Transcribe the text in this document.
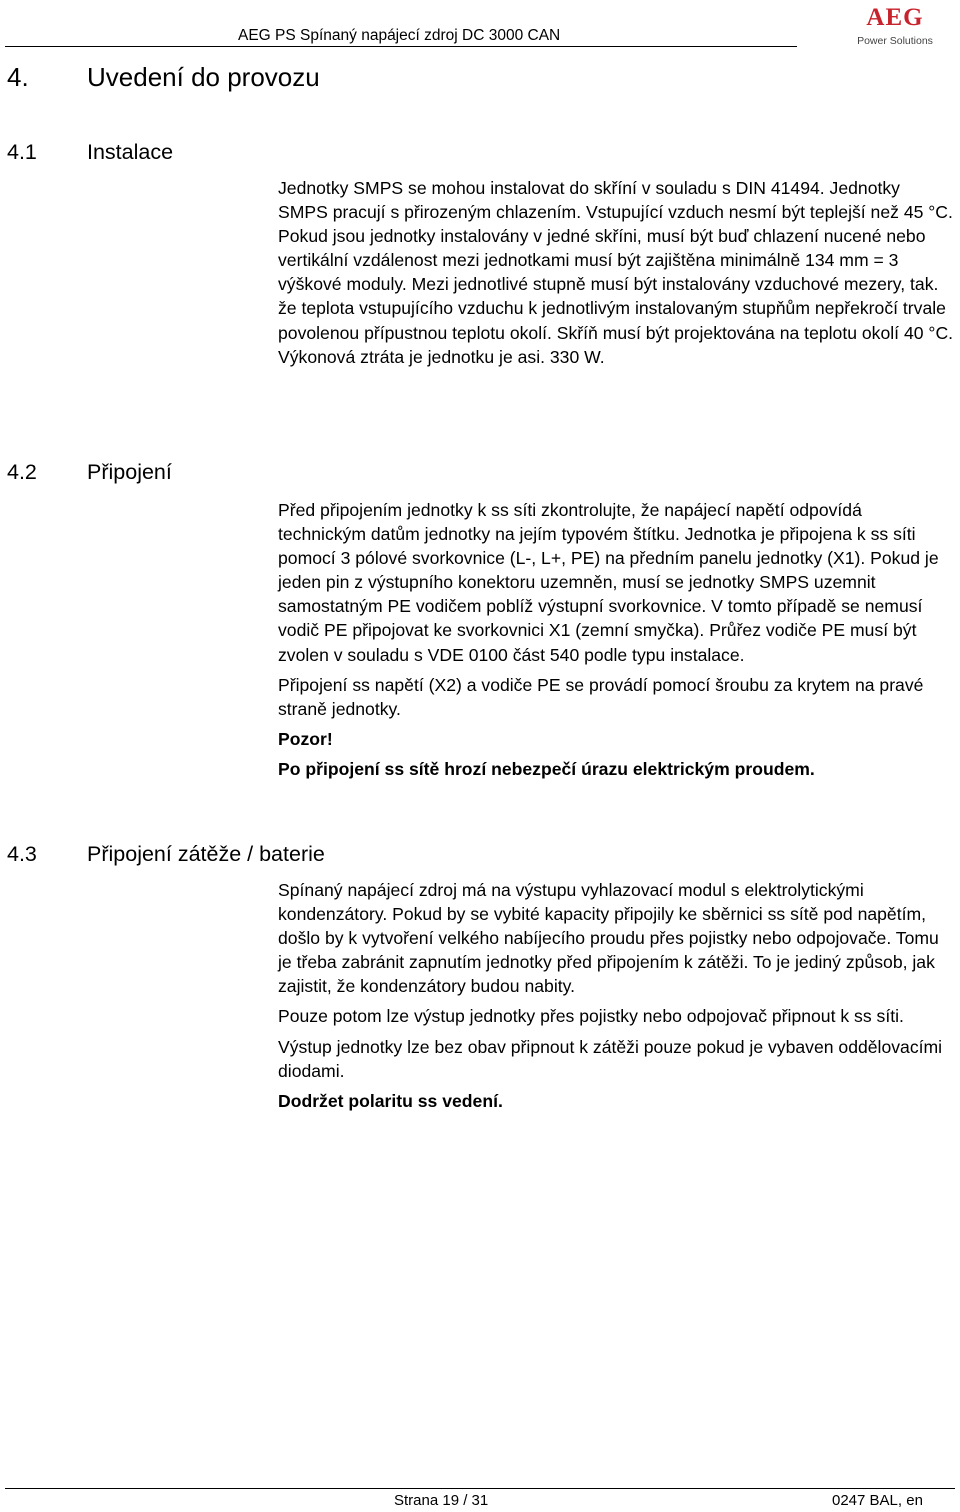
AEG PS Spínaný napájecí zdroj DC 3000 CAN
AEG
Power Solutions
4. Uvedení do provozu
4.1 Instalace

Jednotky SMPS se mohou instalovat do skříní v souladu s DIN 41494. Jednotky SMPS pracují s přirozeným chlazením. Vstupující vzduch nesmí být teplejší než 45 °C. Pokud jsou jednotky instalovány v jedné skříni, musí být buď chlazení nucené nebo vertikální vzdálenost mezi jednotkami musí být zajištěna minimálně 134 mm = 3 výškové moduly. Mezi jednotlivé stupně musí být instalovány vzduchové mezery, tak. že teplota vstupujícího vzduchu k jednotlivým instalovaným stupňům nepřekročí trvale povolenou přípustnou teplotu okolí. Skříň musí být projektována na teplotu okolí 40 °C. Výkonová ztráta je jednotku je asi. 330 W.

4.2 Připojení

Před připojením jednotky k ss síti zkontrolujte, že napájecí napětí odpovídá technickým datům jednotky na jejím typovém štítku. Jednotka je připojena k ss síti pomocí 3 pólové svorkovnice (L-, L+, PE) na předním panelu jednotky (X1). Pokud je jeden pin z výstupního konektoru uzemněn, musí se jednotky SMPS uzemnit samostatným PE vodičem poblíž výstupní svorkovnice. V tomto případě se nemusí vodič PE připojovat ke svorkovnici X1 (zemní smyčka). Průřez vodiče PE musí být zvolen v souladu s VDE 0100 část 540 podle typu instalace.

Připojení ss napětí (X2) a vodiče PE se provádí pomocí šroubu za krytem na pravé straně jednotky.

Pozor!

Po připojení ss sítě hrozí nebezpečí úrazu elektrickým proudem.

4.3 Připojení zátěže / baterie

Spínaný napájecí zdroj má na výstupu vyhlazovací modul s elektrolytickými kondenzátory. Pokud by se vybité kapacity připojily ke sběrnici ss sítě pod napětím, došlo by k vytvoření velkého nabíjecího proudu přes pojistky nebo odpojovače. Tomu je třeba zabránit zapnutím jednotky před připojením k zátěži. To je jediný způsob, jak zajistit, že kondenzátory budou nabity.

Pouze potom lze výstup jednotky přes pojistky nebo odpojovač připnout k ss síti.

Výstup jednotky lze bez obav připnout k zátěži pouze pokud je vybaven oddělovacími diodami.

Dodržet polaritu ss vedení.

Strana 19 / 31	0247 BAL, en
